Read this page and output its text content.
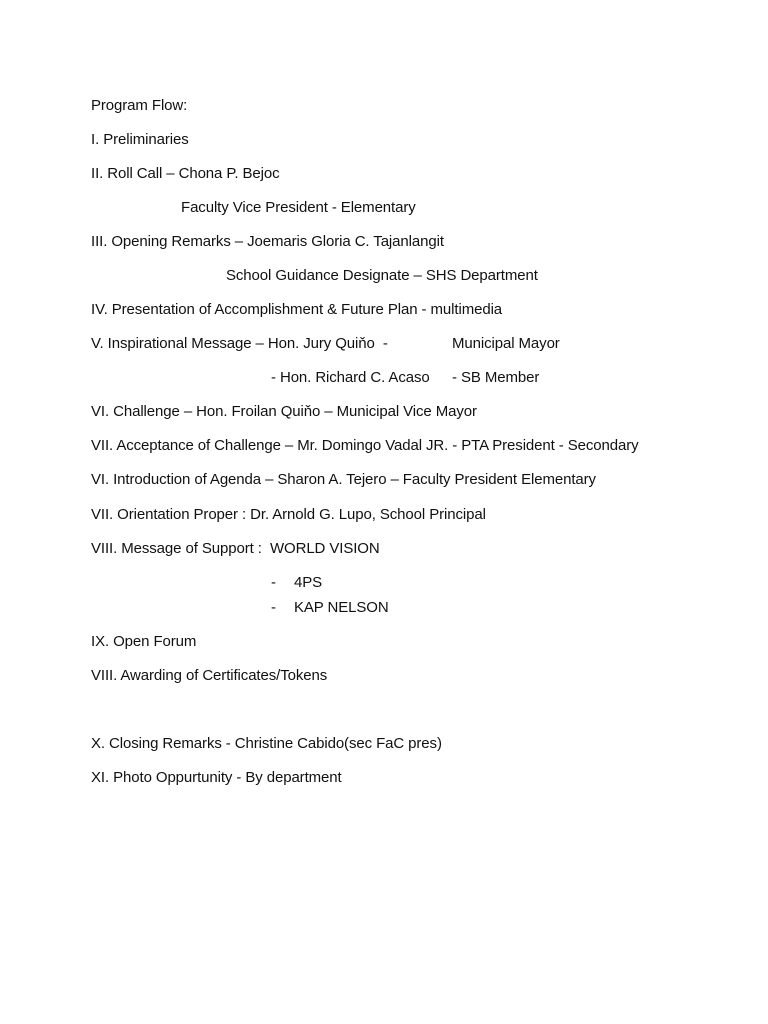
Program Flow:
I. Preliminaries
II. Roll Call – Chona P. Bejoc
Faculty Vice President - Elementary
III. Opening Remarks – Joemaris Gloria C. Tajanlangit
School Guidance Designate – SHS Department
IV. Presentation of Accomplishment & Future Plan - multimedia
V. Inspirational Message – Hon. Jury Quiňo  -	Municipal Mayor
- Hon. Richard C. Acaso - SB Member
VI. Challenge – Hon. Froilan Quiňo – Municipal Vice Mayor
VII. Acceptance of Challenge – Mr. Domingo Vadal JR. - PTA President - Secondary
VI. Introduction of Agenda – Sharon A. Tejero – Faculty President Elementary
VII. Orientation Proper : Dr. Arnold G. Lupo, School Principal
VIII. Message of Support :  WORLD VISION
- 4PS
- KAP NELSON
IX. Open Forum
VIII. Awarding of Certificates/Tokens
X. Closing Remarks - Christine Cabido(sec FaC pres)
XI. Photo Oppurtunity - By department
